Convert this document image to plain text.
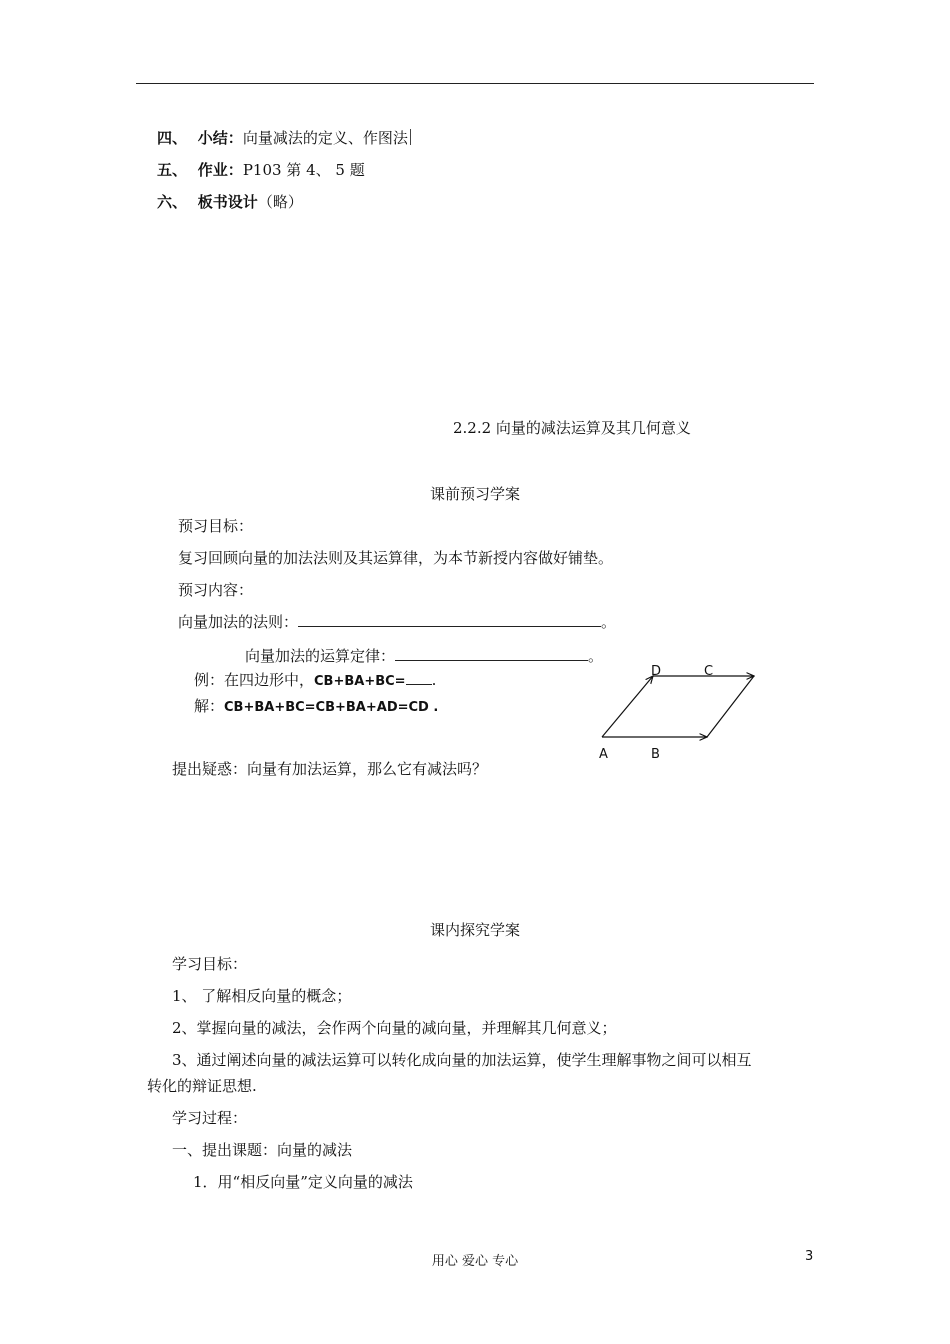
四、 小结：向量减法的定义、作图法
五、 作业：P103 第 4、 5 题
六、 板书设计（略）
2.2.2 向量的减法运算及其几何意义
课前预习学案
预习目标：
复习回顾向量的加法法则及其运算律，为本节新授内容做好铺垫。
预习内容：
向量加法的法则：	。
向量加法的运算定律：	。
例：在四边形中，CB+BA+BC= .
解：CB+BA+BC=CB+BA+AD=CD .
A	B
C
D
提出疑惑：向量有加法运算，那么它有减法吗？
课内探究学案
学习目标：
1、 了解相反向量的概念；
2、掌握向量的减法，会作两个向量的减向量，并理解其几何意义；
3、通过阐述向量的减法运算可以转化成向量的加法运算，使学生理解事物之间可以相互
转化的辩证思想.
学习过程：
一、提出课题：向量的减法
1．用“相反向量”定义向量的减法
用心 爱心 专心	3
